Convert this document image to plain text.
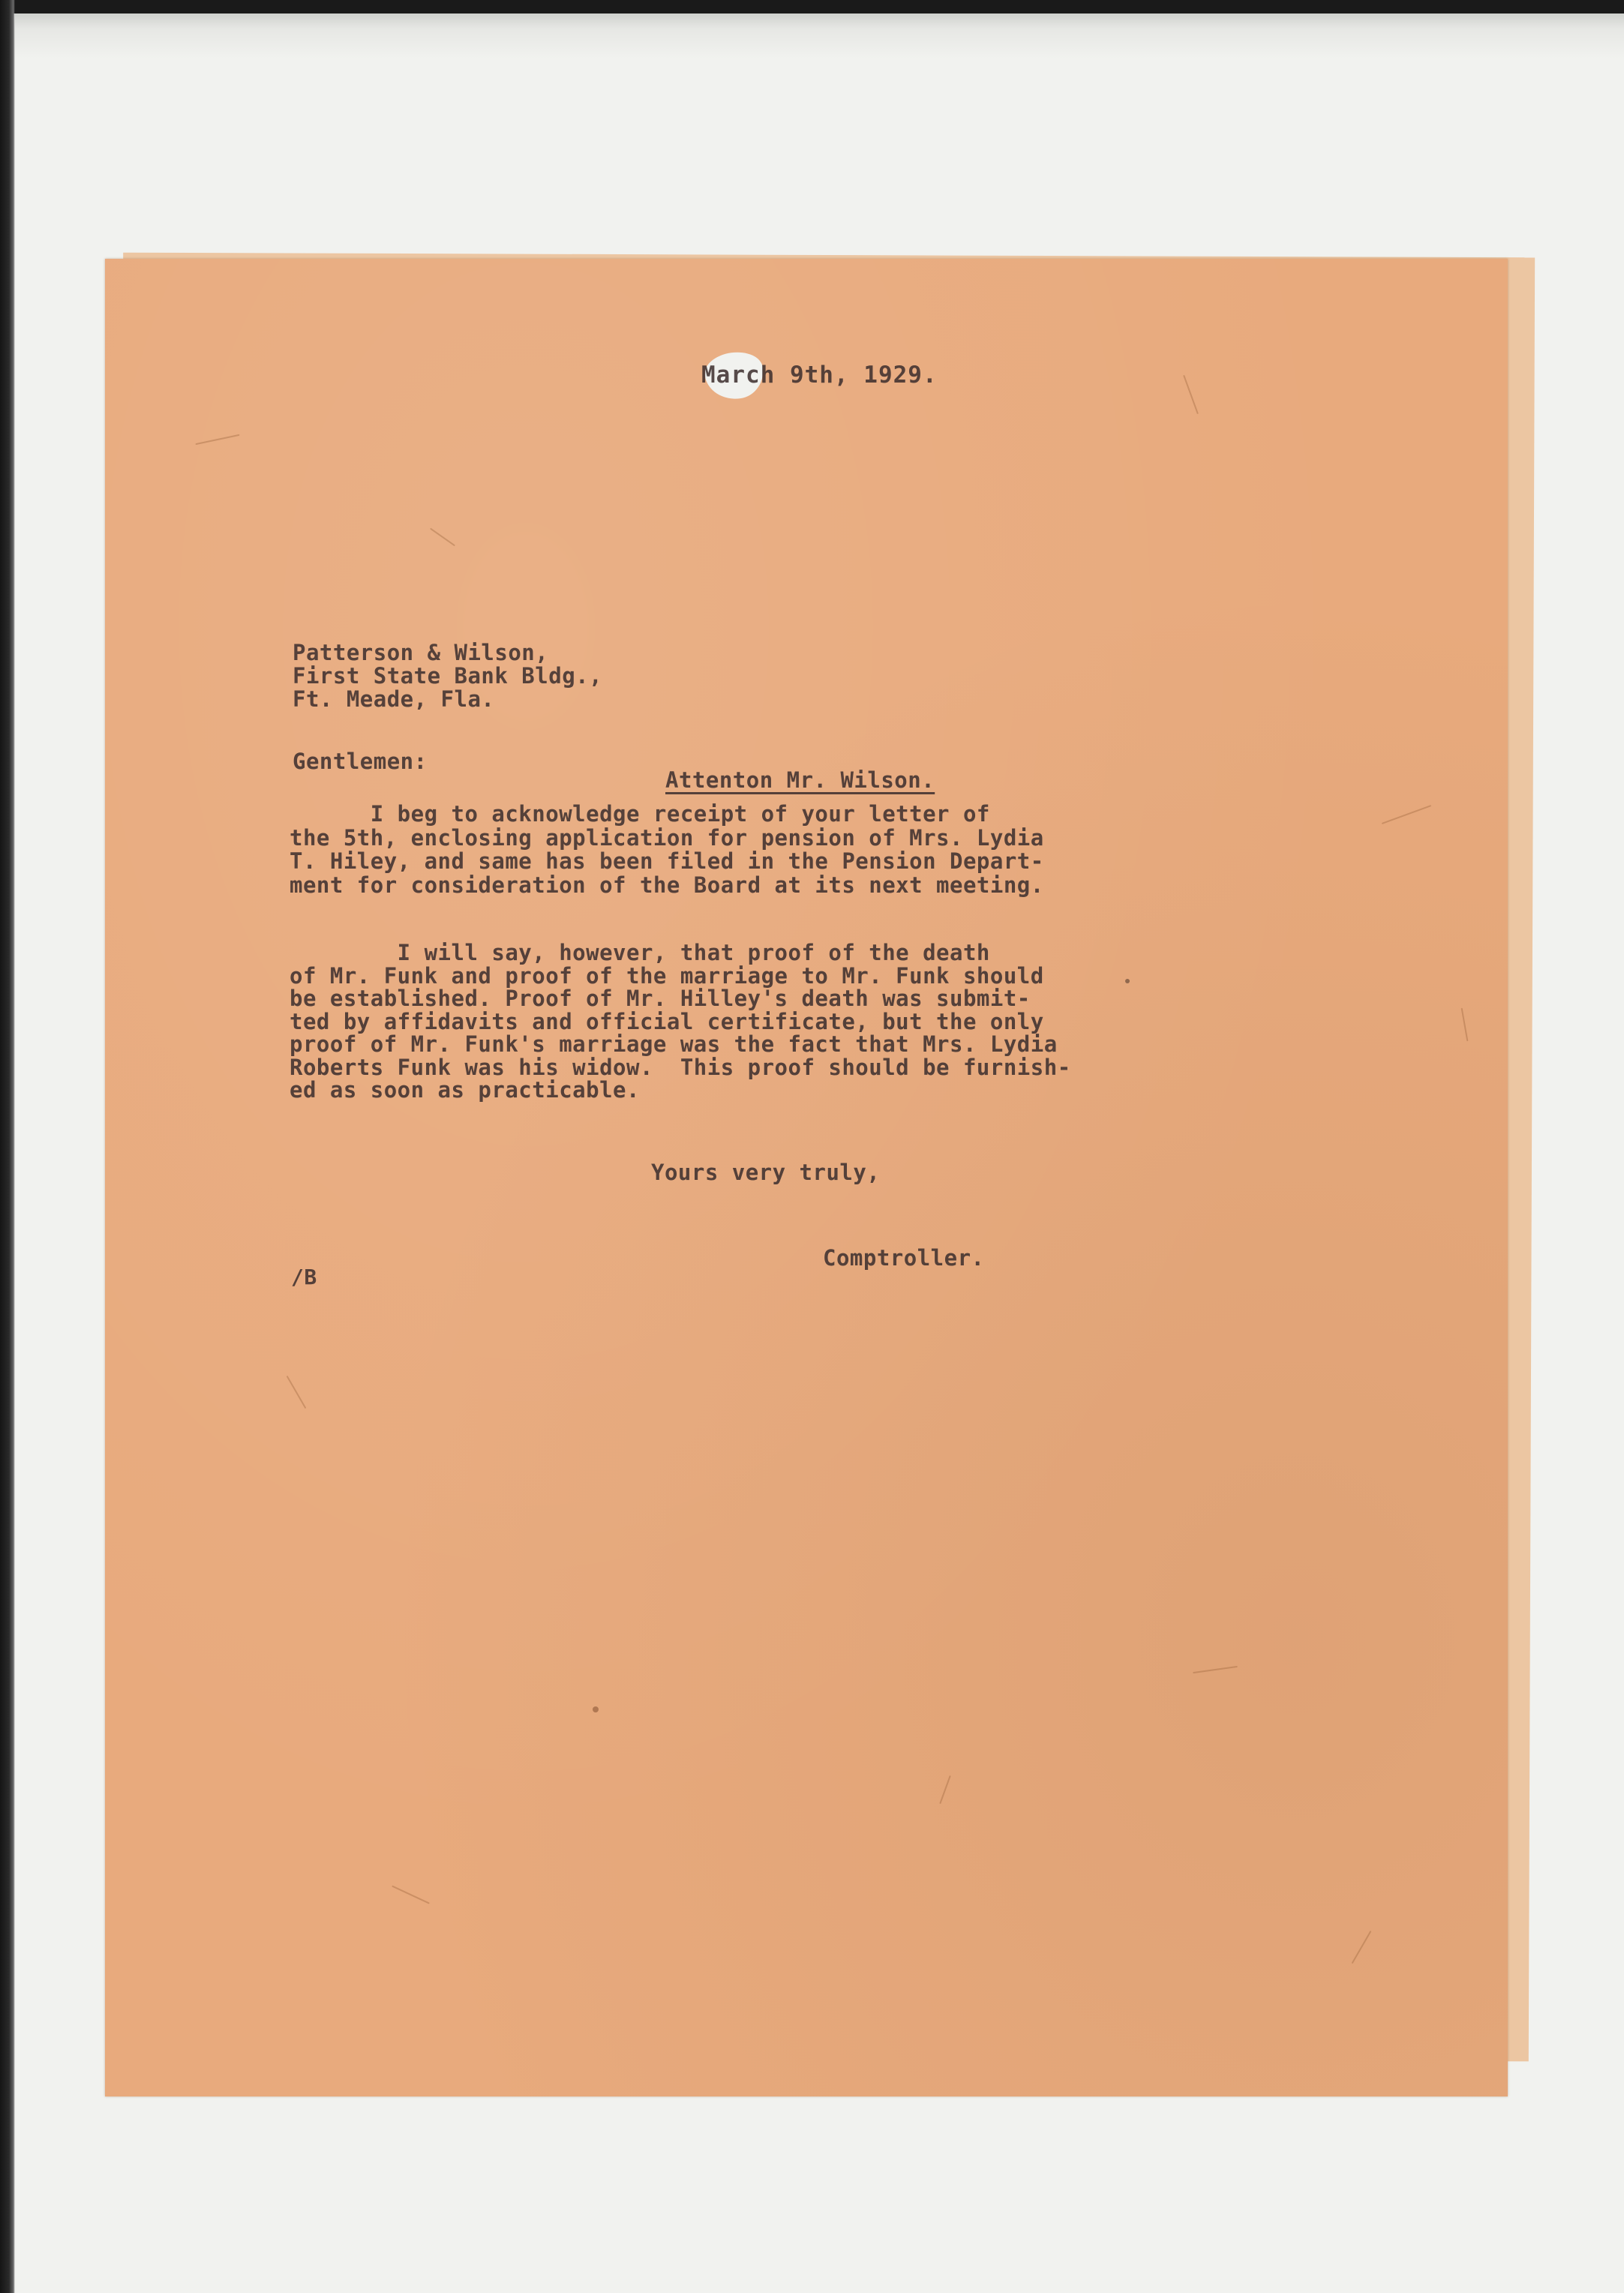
March 9th, 1929.
Patterson & Wilson,
First State Bank Bldg.,
Ft. Meade, Fla.
Gentlemen:
Attenton Mr. Wilson.
I beg to acknowledge receipt of your letter of
the 5th, enclosing application for pension of Mrs. Lydia
T. Hiley, and same has been filed in the Pension Depart-
ment for consideration of the Board at its next meeting.
I will say, however, that proof of the death
of Mr. Funk and proof of the marriage to Mr. Funk should
be established. Proof of Mr. Hilley's death was submit-
ted by affidavits and official certificate, but the only
proof of Mr. Funk's marriage was the fact that Mrs. Lydia
Roberts Funk was his widow.  This proof should be furnish-
ed as soon as practicable.
Yours very truly,
Comptroller.
/B
